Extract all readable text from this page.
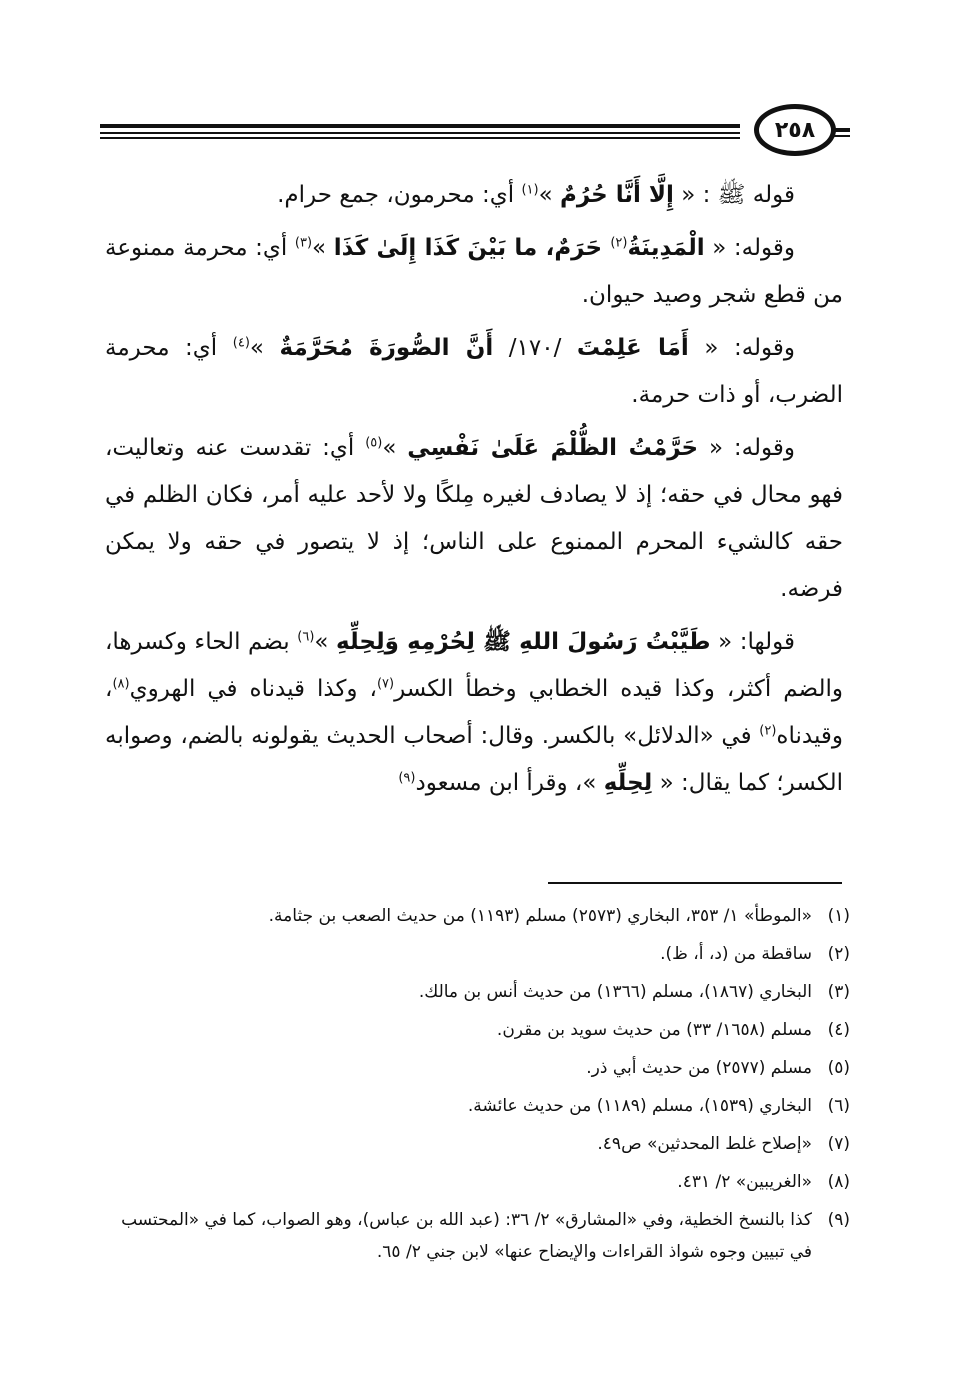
٢٥٨

قوله ﷺ : « إِلَّا أَنَّا حُرُمٌ »$^{(١)}$ أي: محرمون، جمع حرام.

وقوله: « الْمَدِينَةُ$^{(٢)}$ حَرَمٌ، ما بَيْنَ كَذَا إِلَىٰ كَذَا »$^{(٣)}$ أي: محرمة ممنوعة من قطع شجر وصيد حيوان.

وقوله: « أَمَا عَلِمْتَ /١٧٠/ أَنَّ الصُّورَةَ مُحَرَّمَةٌ »$^{(٤)}$ أي: محرمة الضرب، أو ذات حرمة.

وقوله: « حَرَّمْتُ الظُّلْمَ عَلَىٰ نَفْسِي »$^{(٥)}$ أي: تقدست عنه وتعاليت، فهو محال في حقه؛ إذ لا يصادف لغيره مِلكًا ولا لأحد عليه أمر، فكان الظلم في حقه كالشيء المحرم الممنوع على الناس؛ إذ لا يتصور في حقه ولا يمكن فرضه.

قولها: « طَيَّبْتُ رَسُولَ اللهِ ﷺ لِحُرْمِهِ وَلِحِلِّهِ »$^{(٦)}$ بضم الحاء وكسرها، والضم أكثر، وكذا قيده الخطابي وخطأ الكسر$^{(٧)}$، وكذا قيدناه في الهروي$^{(٨)}$، وقيدناه$^{(٢)}$ في «الدلائل» بالكسر. وقال: أصحاب الحديث يقولونه بالضم، وصوابه الكسر؛ كما يقال: « لِحِلِّهِ »، وقرأ ابن مسعود$^{(٩)}$

(١)
«الموطأ» ١/ ٣٥٣، البخاري (٢٥٧٣) مسلم (١١٩٣) من حديث الصعب بن جثامة.
(٢)
ساقطة من (د، أ، ظ).
(٣)
البخاري (١٨٦٧)، مسلم (١٣٦٦) من حديث أنس بن مالك.
(٤)
مسلم (١٦٥٨/ ٣٣) من حديث سويد بن مقرن.
(٥)
مسلم (٢٥٧٧) من حديث أبي ذر.
(٦)
البخاري (١٥٣٩)، مسلم (١١٨٩) من حديث عائشة.
(٧)
«إصلاح غلط المحدثين» ص٤٩.
(٨)
«الغريبين» ٢/ ٤٣١.
(٩)
كذا بالنسخ الخطية، وفي «المشارق» ٢/ ٣٦: (عبد الله بن عباس)، وهو الصواب، كما في «المحتسب في تبيين وجوه شواذ القراءات والإيضاح عنها» لابن جني ٢/ ٦٥.
